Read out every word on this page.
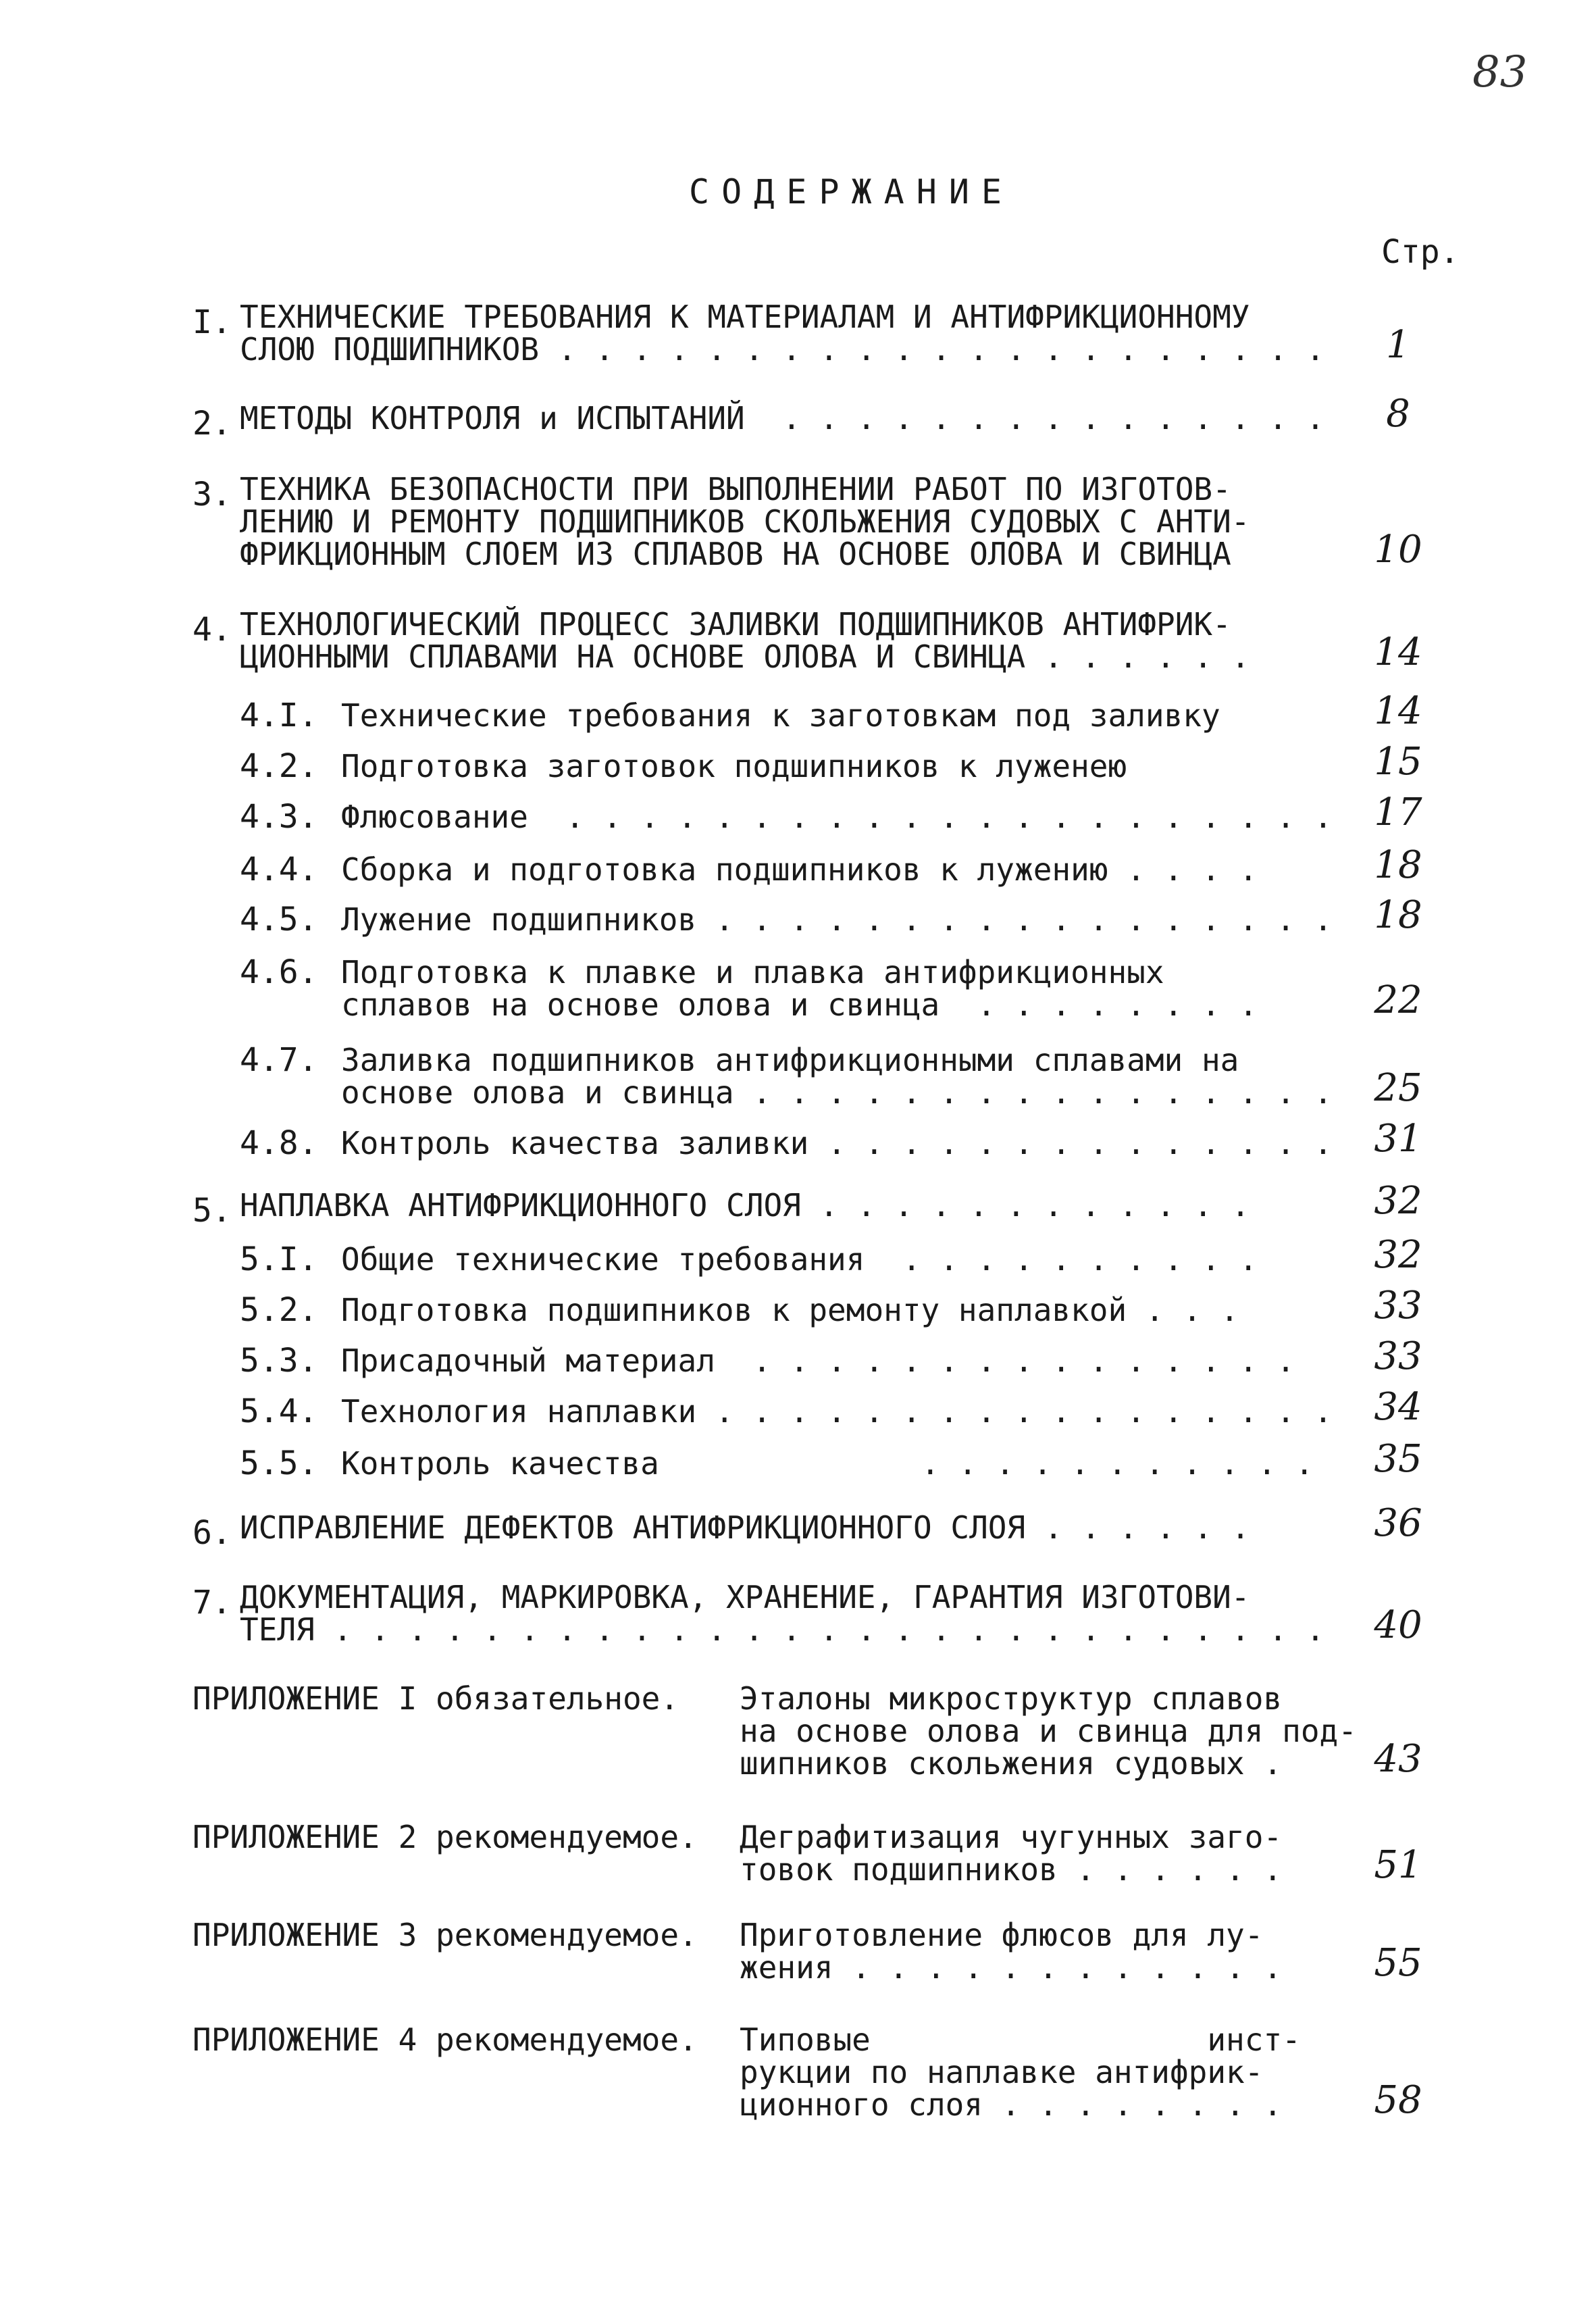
83
СОДЕРЖАНИЕ
Стр.
I. ТЕХНИЧЕСКИЕ ТРЕБОВАНИЯ К МАТЕРИАЛАМ И АНТИФРИКЦИОННОМУ
СЛОЮ ПОДШИПНИКОВ . . . . . . . . . . . . . . . . . . . . .	1
2. МЕТОДЫ КОНТРОЛЯ и ИСПЫТАНИЙ  . . . . . . . . . . . . . . .	8
3. ТЕХНИКА БЕЗОПАСНОСТИ ПРИ ВЫПОЛНЕНИИ РАБОТ ПО ИЗГОТОВ-
ЛЕНИЮ И РЕМОНТУ ПОДШИПНИКОВ СКОЛЬЖЕНИЯ СУДОВЫХ С АНТИ-
ФРИКЦИОННЫМ СЛОЕМ ИЗ СПЛАВОВ НА ОСНОВЕ ОЛОВА И СВИНЦА	10
4. ТЕХНОЛОГИЧЕСКИЙ ПРОЦЕСС ЗАЛИВКИ ПОДШИПНИКОВ АНТИФРИК-
ЦИОННЫМИ СПЛАВАМИ НА ОСНОВЕ ОЛОВА И СВИНЦА . . . . . .	14
4.I. Технические требования к заготовкам под заливку	14
4.2. Подготовка заготовок подшипников к луженею	15
4.3. Флюсование  . . . . . . . . . . . . . . . . . . . . .	17
4.4. Сборка и подготовка подшипников к лужению . . . .	18
4.5. Лужение подшипников . . . . . . . . . . . . . . . . .	18
4.6. Подготовка к плавке и плавка антифрикционных
сплавов на основе олова и свинца  . . . . . . . .	22
4.7. Заливка подшипников антифрикционными сплавами на
основе олова и свинца . . . . . . . . . . . . . . . .	25
4.8. Контроль качества заливки . . . . . . . . . . . . . .	31
5. НАПЛАВКА АНТИФРИКЦИОННОГО СЛОЯ . . . . . . . . . . . .	32
5.I. Общие технические требования  . . . . . . . . . .	32
5.2. Подготовка подшипников к ремонту наплавкой . . .	33
5.3. Присадочный материал  . . . . . . . . . . . . . . .	33
5.4. Технология наплавки . . . . . . . . . . . . . . . . .	34
5.5. Контроль качества              . . . . . . . . . . .	35
6. ИСПРАВЛЕНИЕ ДЕФЕКТОВ АНТИФРИКЦИОННОГО СЛОЯ . . . . . .	36
7. ДОКУМЕНТАЦИЯ, МАРКИРОВКА, ХРАНЕНИЕ, ГАРАНТИЯ ИЗГОТОВИ-
ТЕЛЯ . . . . . . . . . . . . . . . . . . . . . . . . . . .	40
ПРИЛОЖЕНИЕ I обязательное. Эталоны микроструктур сплавов
на основе олова и свинца для под-
шипников скольжения судовых .	43
ПРИЛОЖЕНИЕ 2 рекомендуемое. Деграфитизация чугунных заго-
товок подшипников . . . . . .	51
ПРИЛОЖЕНИЕ 3 рекомендуемое. Приготовление флюсов для лу-
жения . . . . . . . . . . . .	55
ПРИЛОЖЕНИЕ 4 рекомендуемое. Типовые                  инст-
рукции по наплавке антифрик-
ционного слоя . . . . . . . .	58
